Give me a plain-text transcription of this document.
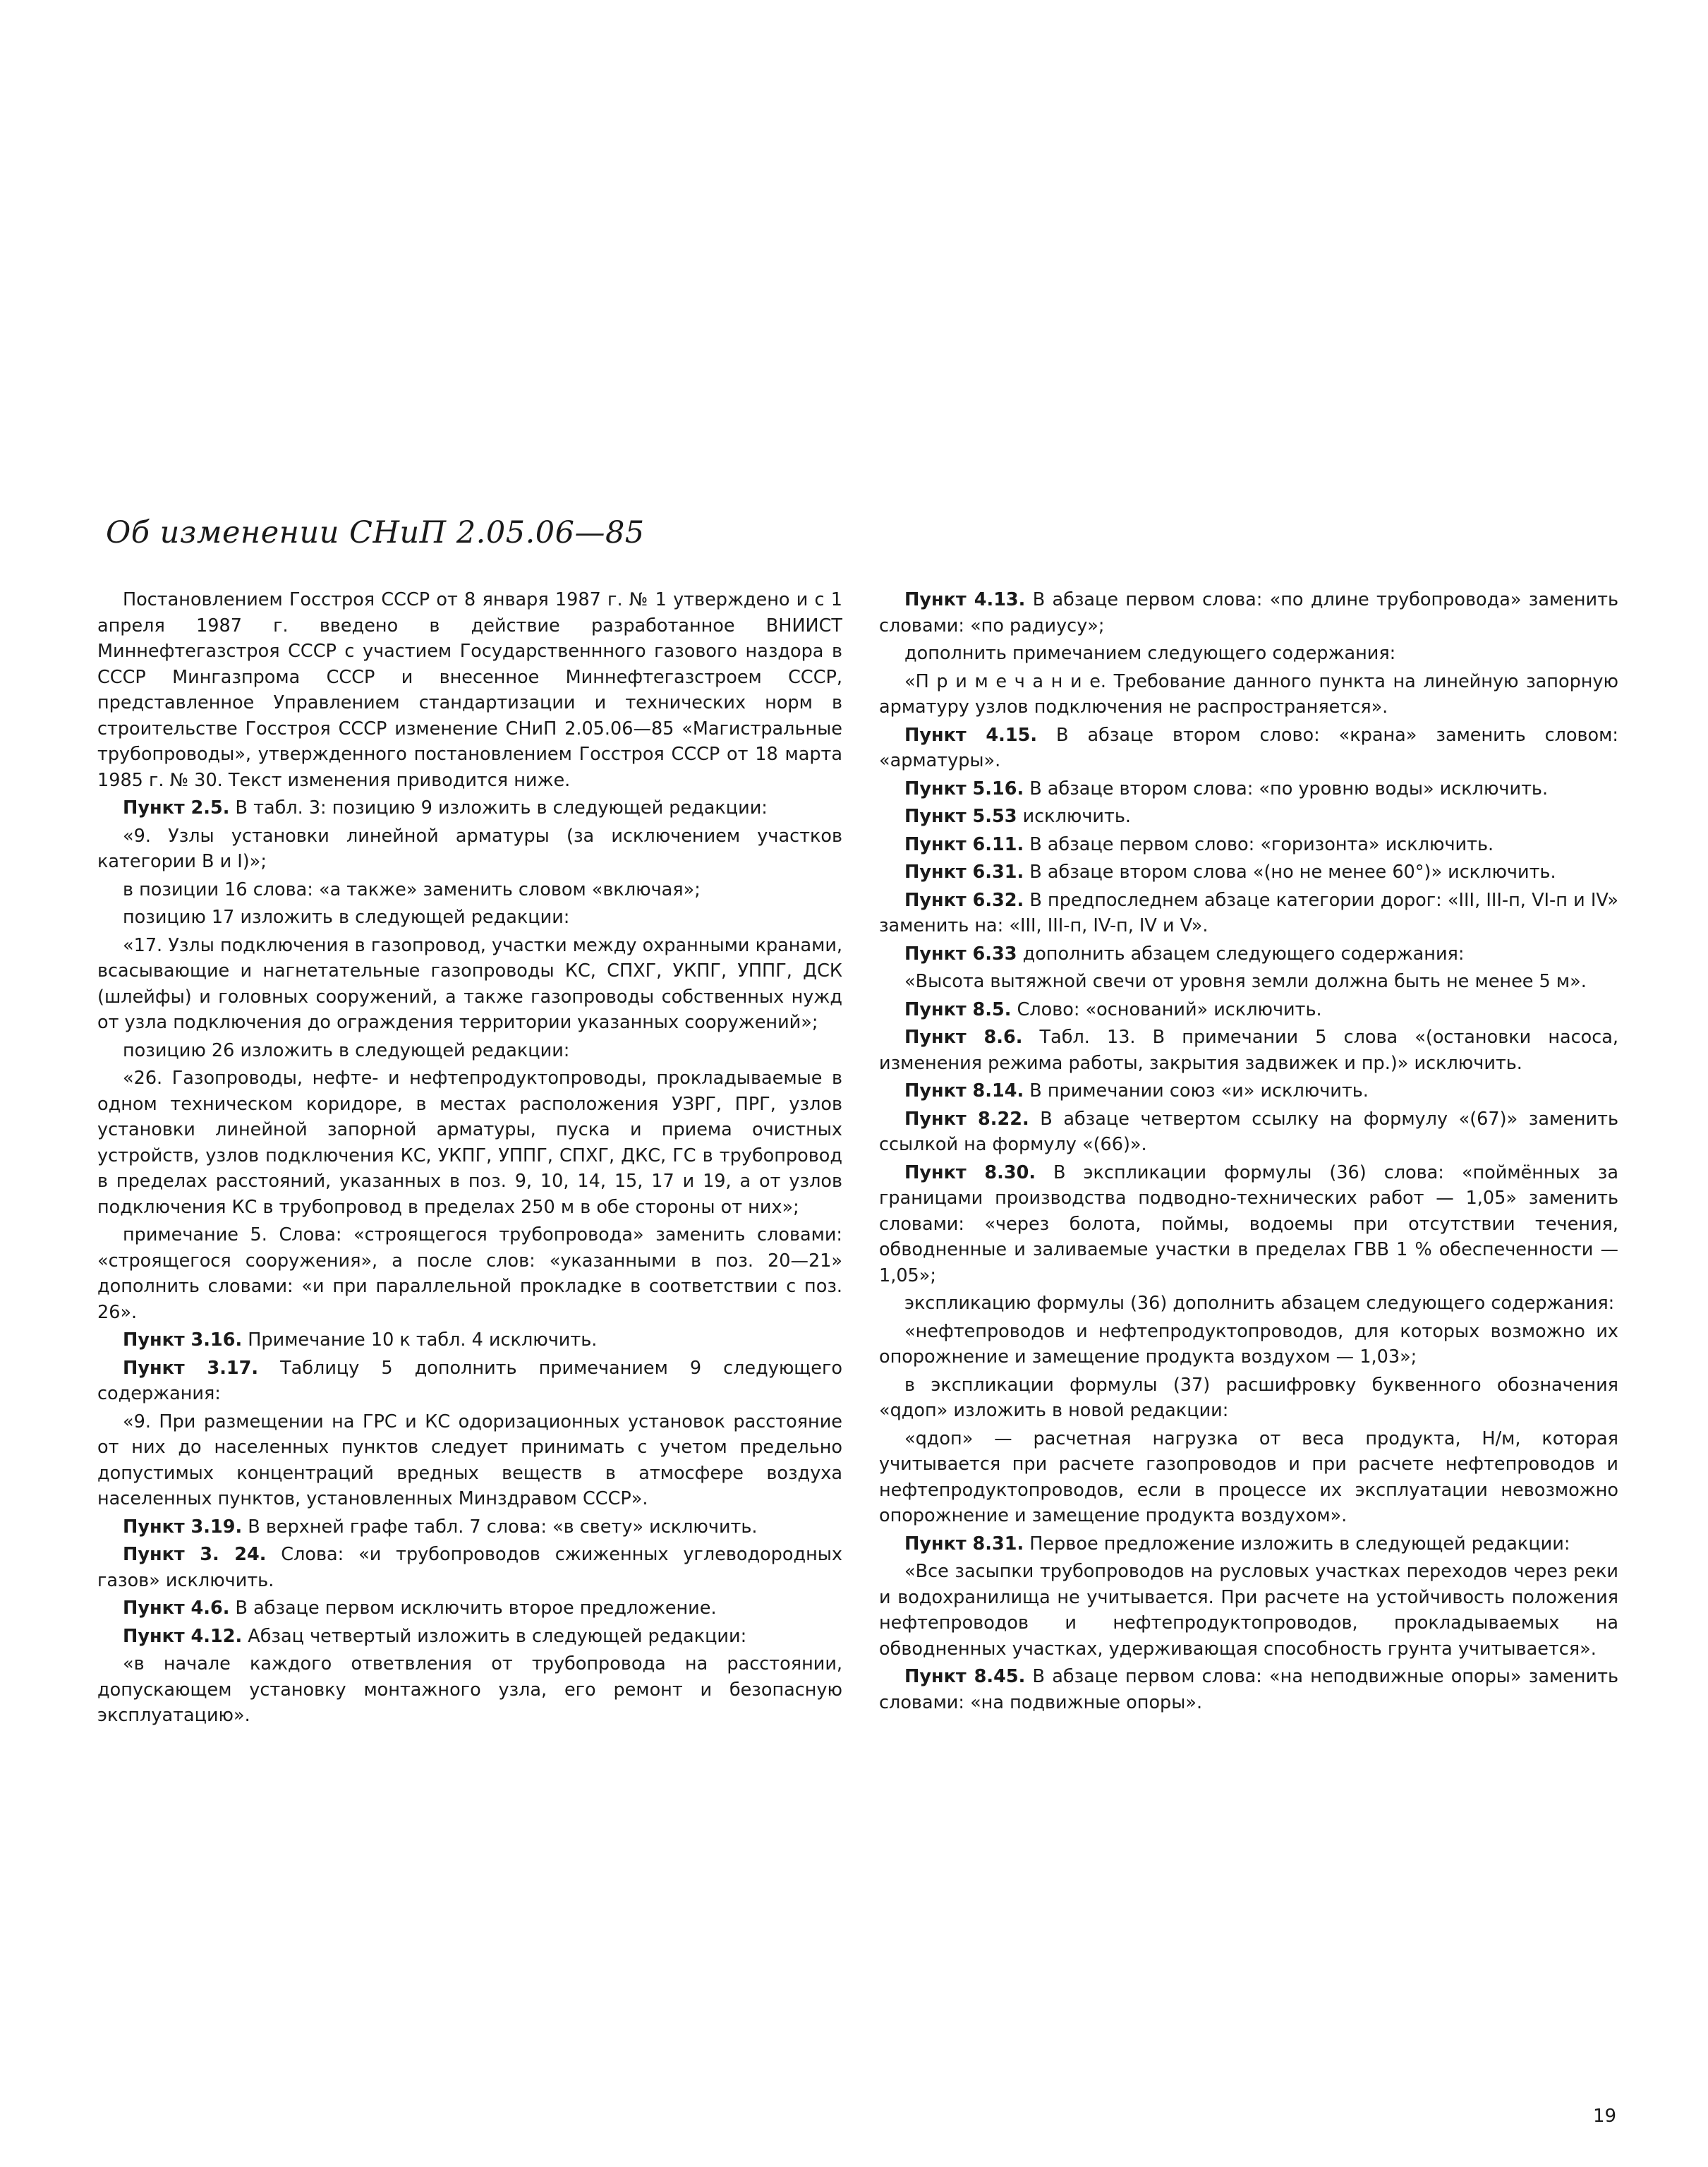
Об изменении СНиП 2.05.06—85

Постановлением Госстроя СССР от 8 января 1987 г. № 1 утверждено и с 1 апреля 1987 г. введено в действие разработанное ВНИИСТ Миннефтегазстроя СССР с участием Государственнного газового наздора в СССР Мингазпрома СССР и внесенное Миннефтегазстроем СССР, представленное Управлением стандартизации и технических норм в строительстве Госстроя СССР изменение СНиП 2.05.06—85 «Магистральные трубопроводы», утвержденного постановлением Госстроя СССР от 18 марта 1985 г. № 30. Текст изменения приводится ниже.

Пункт 2.5. В табл. 3: позицию 9 изложить в следующей редакции:

«9. Узлы установки линейной арматуры (за исключением участков категории В и I)»;

в позиции 16 слова: «а также» заменить словом «включая»;

позицию 17 изложить в следующей редакции:

«17. Узлы подключения в газопровод, участки между охранными кранами, всасывающие и нагнетательные газопроводы КС, СПХГ, УКПГ, УППГ, ДСК (шлейфы) и головных сооружений, а также газопроводы собственных нужд от узла подключения до ограждения территории указанных сооружений»;

позицию 26 изложить в следующей редакции:

«26. Газопроводы, нефте- и нефтепродуктопроводы, прокладываемые в одном техническом коридоре, в местах расположения УЗРГ, ПРГ, узлов установки линейной запорной арматуры, пуска и приема очистных устройств, узлов подключения КС, УКПГ, УППГ, СПХГ, ДКС, ГС в трубопровод в пределах расстояний, указанных в поз. 9, 10, 14, 15, 17 и 19, а от узлов подключения КС в трубопровод в пределах 250 м в обе стороны от них»;

примечание 5. Слова: «строящегося трубопровода» заменить словами: «строящегося сооружения», а после слов: «указанными в поз. 20—21» дополнить словами: «и при параллельной прокладке в соответствии с поз. 26».

Пункт 3.16. Примечание 10 к табл. 4 исключить.

Пункт 3.17. Таблицу 5 дополнить примечанием 9 следующего содержания:

«9. При размещении на ГРС и КС одоризационных установок расстояние от них до населенных пунктов следует принимать с учетом предельно допустимых концентраций вредных веществ в атмосфере воздуха населенных пунктов, установленных Минздравом СССР».

Пункт 3.19. В верхней графе табл. 7 слова: «в свету» исключить.

Пункт 3. 24. Слова: «и трубопроводов сжиженных углеводородных газов» исключить.

Пункт 4.6. В абзаце первом исключить второе предложение.

Пункт 4.12. Абзац четвертый изложить в следующей редакции:

«в начале каждого ответвления от трубопровода на расстоянии, допускающем установку монтажного узла, его ремонт и безопасную эксплуатацию».

Пункт 4.13. В абзаце первом слова: «по длине трубопровода» заменить словами: «по радиусу»;

дополнить примечанием следующего содержания:

«П р и м е ч а н и е. Требование данного пункта на линейную запорную арматуру узлов подключения не распространяется».

Пункт 4.15. В абзаце втором слово: «крана» заменить словом: «арматуры».

Пункт 5.16. В абзаце втором слова: «по уровню воды» исключить.

Пункт 5.53 исключить.

Пункт 6.11. В абзаце первом слово: «горизонта» исключить.

Пункт 6.31. В абзаце втором слова «(но не менее 60°)» исключить.

Пункт 6.32. В предпоследнем абзаце категории дорог: «III, III-п, VI-п и IV» заменить на: «III, III-п, IV-п, IV и V».

Пункт 6.33 дополнить абзацем следующего содержания:

«Высота вытяжной свечи от уровня земли должна быть не менее 5 м».

Пункт 8.5. Слово: «оснований» исключить.

Пункт 8.6. Табл. 13. В примечании 5 слова «(остановки насоса, изменения режима работы, закрытия задвижек и пр.)» исключить.

Пункт 8.14. В примечании союз «и» исключить.

Пункт 8.22. В абзаце четвертом ссылку на формулу «(67)» заменить ссылкой на формулу «(66)».

Пункт 8.30. В экспликации формулы (36) слова: «поймённых за границами производства подводно-технических работ — 1,05» заменить словами: «через болота, поймы, водоемы при отсутствии течения, обводненные и заливаемые участки в пределах ГВВ 1 % обеспеченности — 1,05»;

экспликацию формулы (36) дополнить абзацем следующего содержания:

«нефтепроводов и нефтепродуктопроводов, для которых возможно их опорожнение и замещение продукта воздухом — 1,03»;

в экспликации формулы (37) расшифровку буквенного обозначения «qдоп» изложить в новой редакции:

«qдоп» — расчетная нагрузка от веса продукта, Н/м, которая учитывается при расчете газопроводов и при расчете нефтепроводов и нефтепродуктопроводов, если в процессе их эксплуатации невозможно опорожнение и замещение продукта воздухом».

Пункт 8.31. Первое предложение изложить в следующей редакции:

«Все засыпки трубопроводов на русловых участках переходов через реки и водохранилища не учитывается. При расчете на устойчивость положения нефтепроводов и нефтепродуктопроводов, прокладываемых на обводненных участках, удерживающая способность грунта учитывается».

Пункт 8.45. В абзаце первом слова: «на неподвижные опоры» заменить словами: «на подвижные опоры».

19
